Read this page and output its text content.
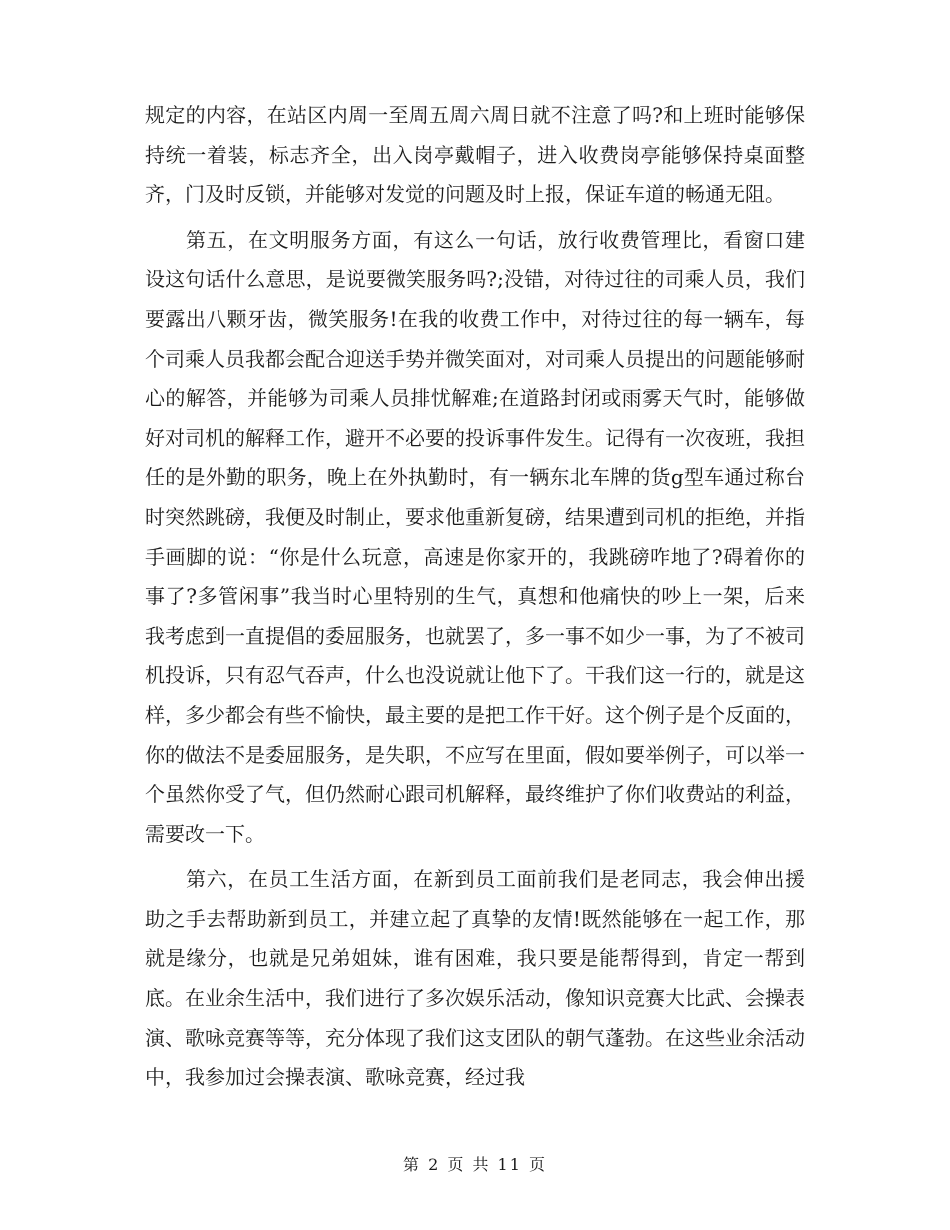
规定的内容，在站区内周一至周五周六周日就不注意了吗?和上班时能够保持统一着装，标志齐全，出入岗亭戴帽子，进入收费岗亭能够保持桌面整齐，门及时反锁，并能够对发觉的问题及时上报，保证车道的畅通无阻。

第五，在文明服务方面，有这么一句话，放行收费管理比，看窗口建设这句话什么意思，是说要微笑服务吗?;没错，对待过往的司乘人员，我们要露出八颗牙齿，微笑服务!在我的收费工作中，对待过往的每一辆车，每个司乘人员我都会配合迎送手势并微笑面对，对司乘人员提出的问题能够耐心的解答，并能够为司乘人员排忧解难;在道路封闭或雨雾天气时，能够做好对司机的解释工作，避开不必要的投诉事件发生。记得有一次夜班，我担任的是外勤的职务，晚上在外执勤时，有一辆东北车牌的货g型车通过称台时突然跳磅，我便及时制止，要求他重新复磅，结果遭到司机的拒绝，并指手画脚的说：“你是什么玩意，高速是你家开的，我跳磅咋地了?碍着你的事了?多管闲事”我当时心里特别的生气，真想和他痛快的吵上一架，后来我考虑到一直提倡的委屈服务，也就罢了，多一事不如少一事，为了不被司机投诉，只有忍气吞声，什么也没说就让他下了。干我们这一行的，就是这样，多少都会有些不愉快，最主要的是把工作干好。这个例子是个反面的，你的做法不是委屈服务，是失职，不应写在里面，假如要举例子，可以举一个虽然你受了气，但仍然耐心跟司机解释，最终维护了你们收费站的利益，需要改一下。

第六，在员工生活方面，在新到员工面前我们是老同志，我会伸出援助之手去帮助新到员工，并建立起了真挚的友情!既然能够在一起工作，那就是缘分，也就是兄弟姐妹，谁有困难，我只要是能帮得到，肯定一帮到底。在业余生活中，我们进行了多次娱乐活动，像知识竞赛大比武、会操表演、歌咏竞赛等等，充分体现了我们这支团队的朝气蓬勃。在这些业余活动中，我参加过会操表演、歌咏竞赛，经过我

第 2 页 共 11 页
